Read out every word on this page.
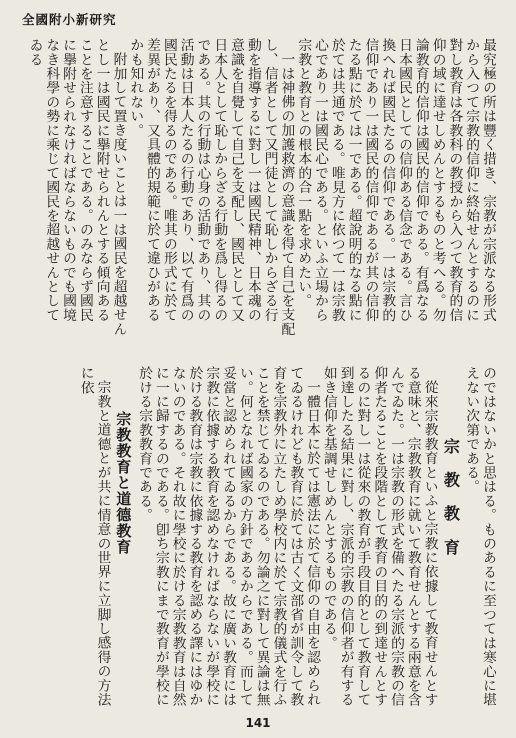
全國附小新研究

最究極の所は豐く措き、宗教が宗派なる形式から入つて宗教的信仰に終始せんとするのに對し教育は各教科の教授から入つて教育的信仰の域に達せしめんとするものと考へる。勿論教育的信仰は國民的信仰である。有爲なる日本國民としての信仰ある信念である。言ひ換へれば國民たるの信仰である。一は宗教的信仰であり一は國民的信仰であるが其の信仰たる點に於ては一である。超說明的なる點に於ては共通である。唯見方に依つて一は宗教心であり一は國民心である。といふ立場から宗教と教育との根本的合一點を求めたい。

一は神佛の加護救濟の意識を得て自己を支配し、信者として又門徒として恥しからざる行動を指導するに對し一は國民精神、日本魂の意識を自覺して自己を支配し、國民として又日本人として恥しからざる行動を爲し得るのである。其の行動は心身の活動であり、其の活動は日本人たるの行動であり、以て有爲の國民たるを得るのである。唯其の形式に於て差異があり、又具體的規範に於て違ひがあるかも知れない。

附加して置き度いことは一は國民を超越せんとし一は國民に擧附せられんとする傾向あることを注意することである。のみならず國民に擧附せられなければならないものでも國境なき科學の勢に乘じて國民を超越せんとしてゐる

のではないかと思はる。ものあるに至つては寒心に堪えない次第である。

宗 教 教 育

從來宗教教育といふと宗教に依據して教育せんとする意味と、宗教教育に就いて教育せんとする兩意を含んでゐた。一は宗教の形式を備へたる宗派的宗教の信仰者たることを段階として教育の目的の到達せんとするのに對し一は從來の教育が手段目的として教育して到達したる結果に對し、宗派的宗教の信仰者が有する如き信仰を基調せしめんとするものである。

一體日本に於ては憲法に於て信仰の自由を認められてゐるけれども教育に於ては古く文部省が訓令して教育を宗教外に立たしめ學校内に於て宗教的儀式を行ふことを禁じてゐるのである。勿論之に對して異論は無い。何となれば國家の方針であるからである。而して妥當と認められてゐるからである。故に廣い教育には宗教に依據する教育を認めなければならないが學校に於ける教育は宗教に依據する教育を認める譯にはゆかないのである。それ故に學校に於ける宗教教育は自然に一に歸するのである。卽ち宗教にまで教育が學校に於ける宗教教育である。

宗教教育と道德教育

宗教と道德とが共に情意の世界に立脚し感得の方法に依

141
